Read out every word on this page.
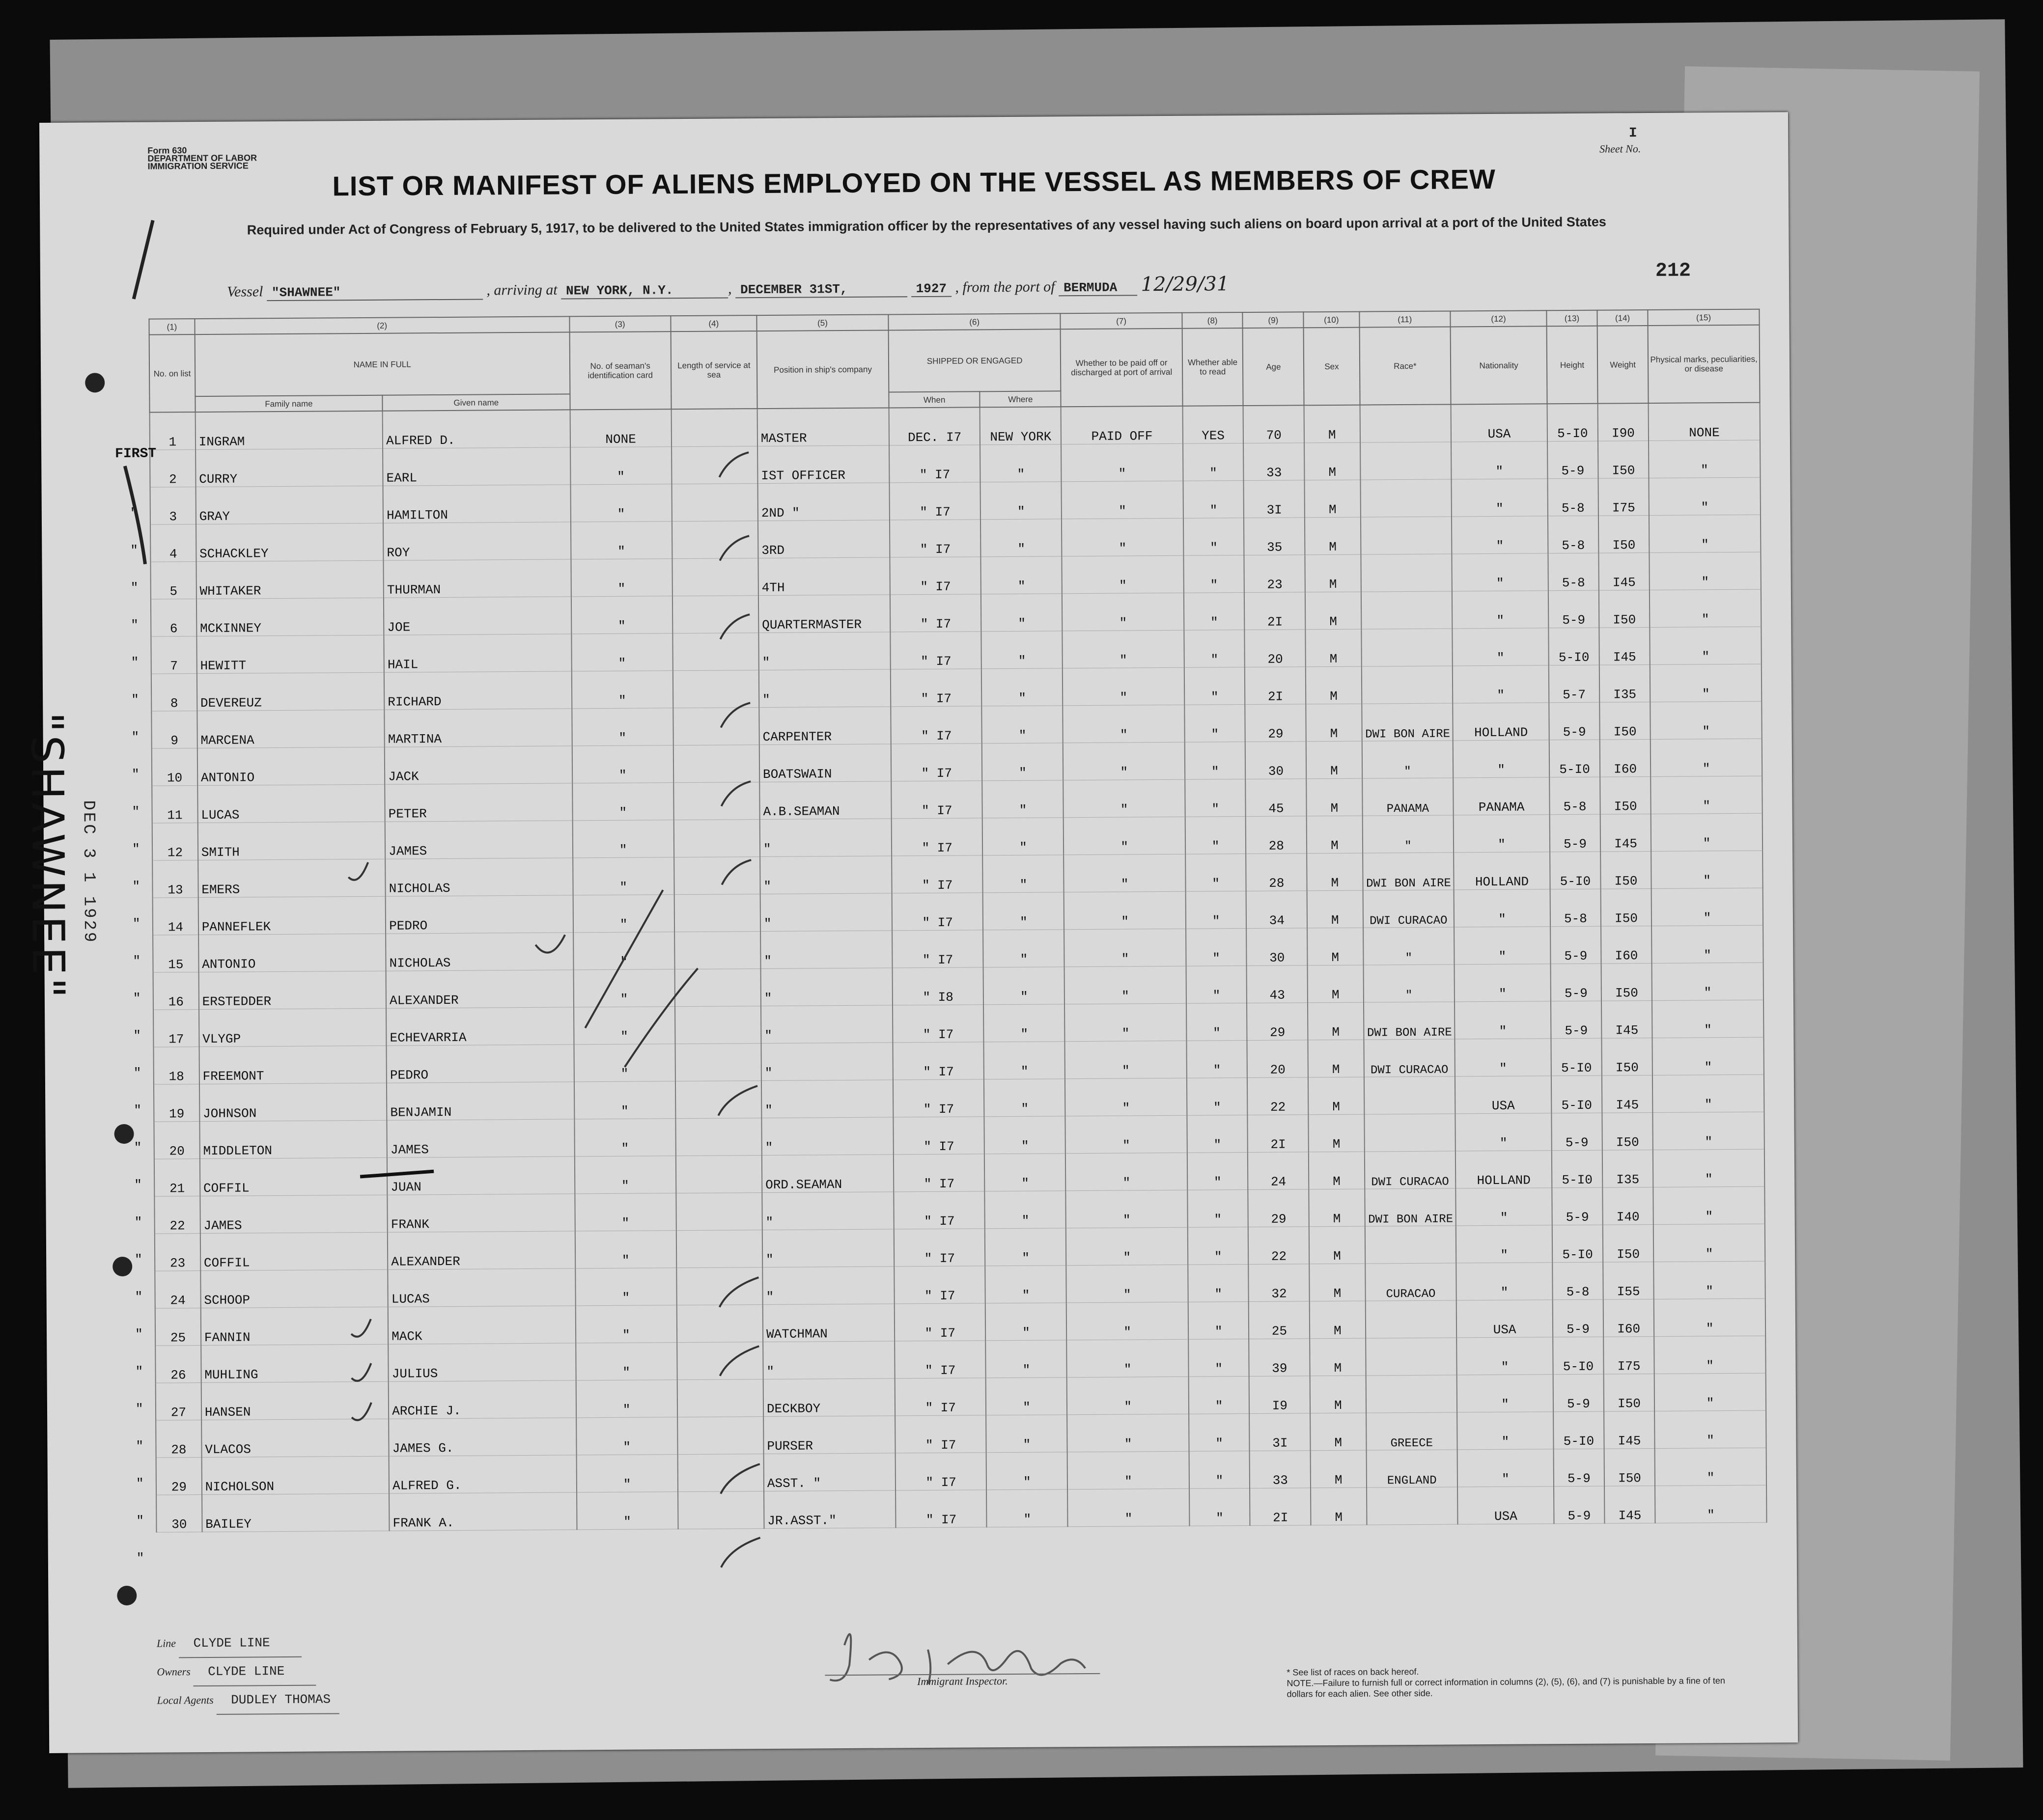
Form 630
DEPARTMENT OF LABOR
IMMIGRATION SERVICE
Sheet No.
I
LIST OR MANIFEST OF ALIENS EMPLOYED ON THE VESSEL AS MEMBERS OF CREW
Required under Act of Congress of February 5, 1917, to be delivered to the United States immigration officer by the representatives of any vessel having such aliens on board upon arrival at a port of the United States
Vessel "SHAWNEE"	, arriving at NEW YORK, N.Y.	, DECEMBER 31ST,	1927 , from the port of BERMUDA 12/29/31
212
(1)	(2)		(3)	(4)	(5)	(6)		(7)	(8)	(9)	(10)	(11)	(12)	(13)	(14)	(15)
No. on list	NAME IN FULL		No. of seaman's identification card	Length of service at sea	Position in ship's company	SHIPPED OR ENGAGED		Whether to be paid off or discharged at port of arrival	Whether able to read	Age	Sex	Race*	Nationality	Height	Weight	Physical marks, peculiarities, or disease
	Family name	Given name				When	Where									
1	INGRAM	ALFRED D.	NONE		MASTER	DEC. I7	NEW YORK	PAID OFF	YES	70	M		USA	5-I0	I90	NONE
2	CURRY	EARL	"		IST OFFICER	" I7	"	"	"	33	M		"	5-9	I50	"
3	GRAY	HAMILTON	"		2ND "	" I7	"	"	"	3I	M		"	5-8	I75	"
4	SCHACKLEY	ROY	"		3RD	" I7	"	"	"	35	M		"	5-8	I50	"
5	WHITAKER	THURMAN	"		4TH	" I7	"	"	"	23	M		"	5-8	I45	"
6	MCKINNEY	JOE	"		QUARTERMASTER	" I7	"	"	"	2I	M		"	5-9	I50	"
7	HEWITT	HAIL	"		"	" I7	"	"	"	20	M		"	5-I0	I45	"
8	DEVEREUZ	RICHARD	"		"	" I7	"	"	"	2I	M		"	5-7	I35	"
9	MARCENA	MARTINA	"		CARPENTER	" I7	"	"	"	29	M	DWI BON AIRE	HOLLAND	5-9	I50	"
10	ANTONIO	JACK	"		BOATSWAIN	" I7	"	"	"	30	M	"	"	5-I0	I60	"
11	LUCAS	PETER	"		A.B.SEAMAN	" I7	"	"	"	45	M	PANAMA	PANAMA	5-8	I50	"
12	SMITH	JAMES	"		"	" I7	"	"	"	28	M	"	"	5-9	I45	"
13	EMERS	NICHOLAS	"		"	" I7	"	"	"	28	M	DWI BON AIRE	HOLLAND	5-I0	I50	"
14	PANNEFLEK	PEDRO	"		"	" I7	"	"	"	34	M	DWI CURACAO	"	5-8	I50	"
15	ANTONIO	NICHOLAS	"		"	" I7	"	"	"	30	M	"	"	5-9	I60	"
16	ERSTEDDER	ALEXANDER	"		"	" I8	"	"	"	43	M	"	"	5-9	I50	"
17	VLYGP	ECHEVARRIA	"		"	" I7	"	"	"	29	M	DWI BON AIRE	"	5-9	I45	"
18	FREEMONT	PEDRO	"		"	" I7	"	"	"	20	M	DWI CURACAO	"	5-I0	I50	"
19	JOHNSON	BENJAMIN	"		"	" I7	"	"	"	22	M		USA	5-I0	I45	"
20	MIDDLETON	JAMES	"		"	" I7	"	"	"	2I	M		"	5-9	I50	"
21	COFFIL	JUAN	"		ORD.SEAMAN	" I7	"	"	"	24	M	DWI CURACAO	HOLLAND	5-I0	I35	"
22	JAMES	FRANK	"		"	" I7	"	"	"	29	M	DWI BON AIRE	"	5-9	I40	"
23	COFFIL	ALEXANDER	"		"	" I7	"	"	"	22	M		"	5-I0	I50	"
24	SCHOOP	LUCAS	"		"	" I7	"	"	"	32	M	CURACAO	"	5-8	I55	"
25	FANNIN	MACK	"		WATCHMAN	" I7	"	"	"	25	M		USA	5-9	I60	"
26	MUHLING	JULIUS	"		"	" I7	"	"	"	39	M		"	5-I0	I75	"
27	HANSEN	ARCHIE J.	"		DECKBOY	" I7	"	"	"	I9	M		"	5-9	I50	"
28	VLACOS	JAMES G.	"		PURSER	" I7	"	"	"	3I	M	GREECE	"	5-I0	I45	"
29	NICHOLSON	ALFRED G.	"		ASST. "	" I7	"	"	"	33	M	ENGLAND	"	5-9	I50	"
30	BAILEY	FRANK A.	"		JR.ASST."	" I7	"	"	"	2I	M		USA	5-9	I45	"
FIRST
"
"
"
"
"
"
"
"
"
"
"
"
"
"
"
"
"
"
"
"
"
"
"
"
"
"
"
"
"
"SHAWNEE" DEC 3 1 1929
Line CLYDE LINE
Owners CLYDE LINE
Local Agents DUDLEY THOMAS
Immigrant Inspector.
* See list of races on back hereof.
NOTE.—Failure to furnish full or correct information in columns (2), (5), (6), and (7) is punishable by a fine of ten dollars for each alien. See other side.
